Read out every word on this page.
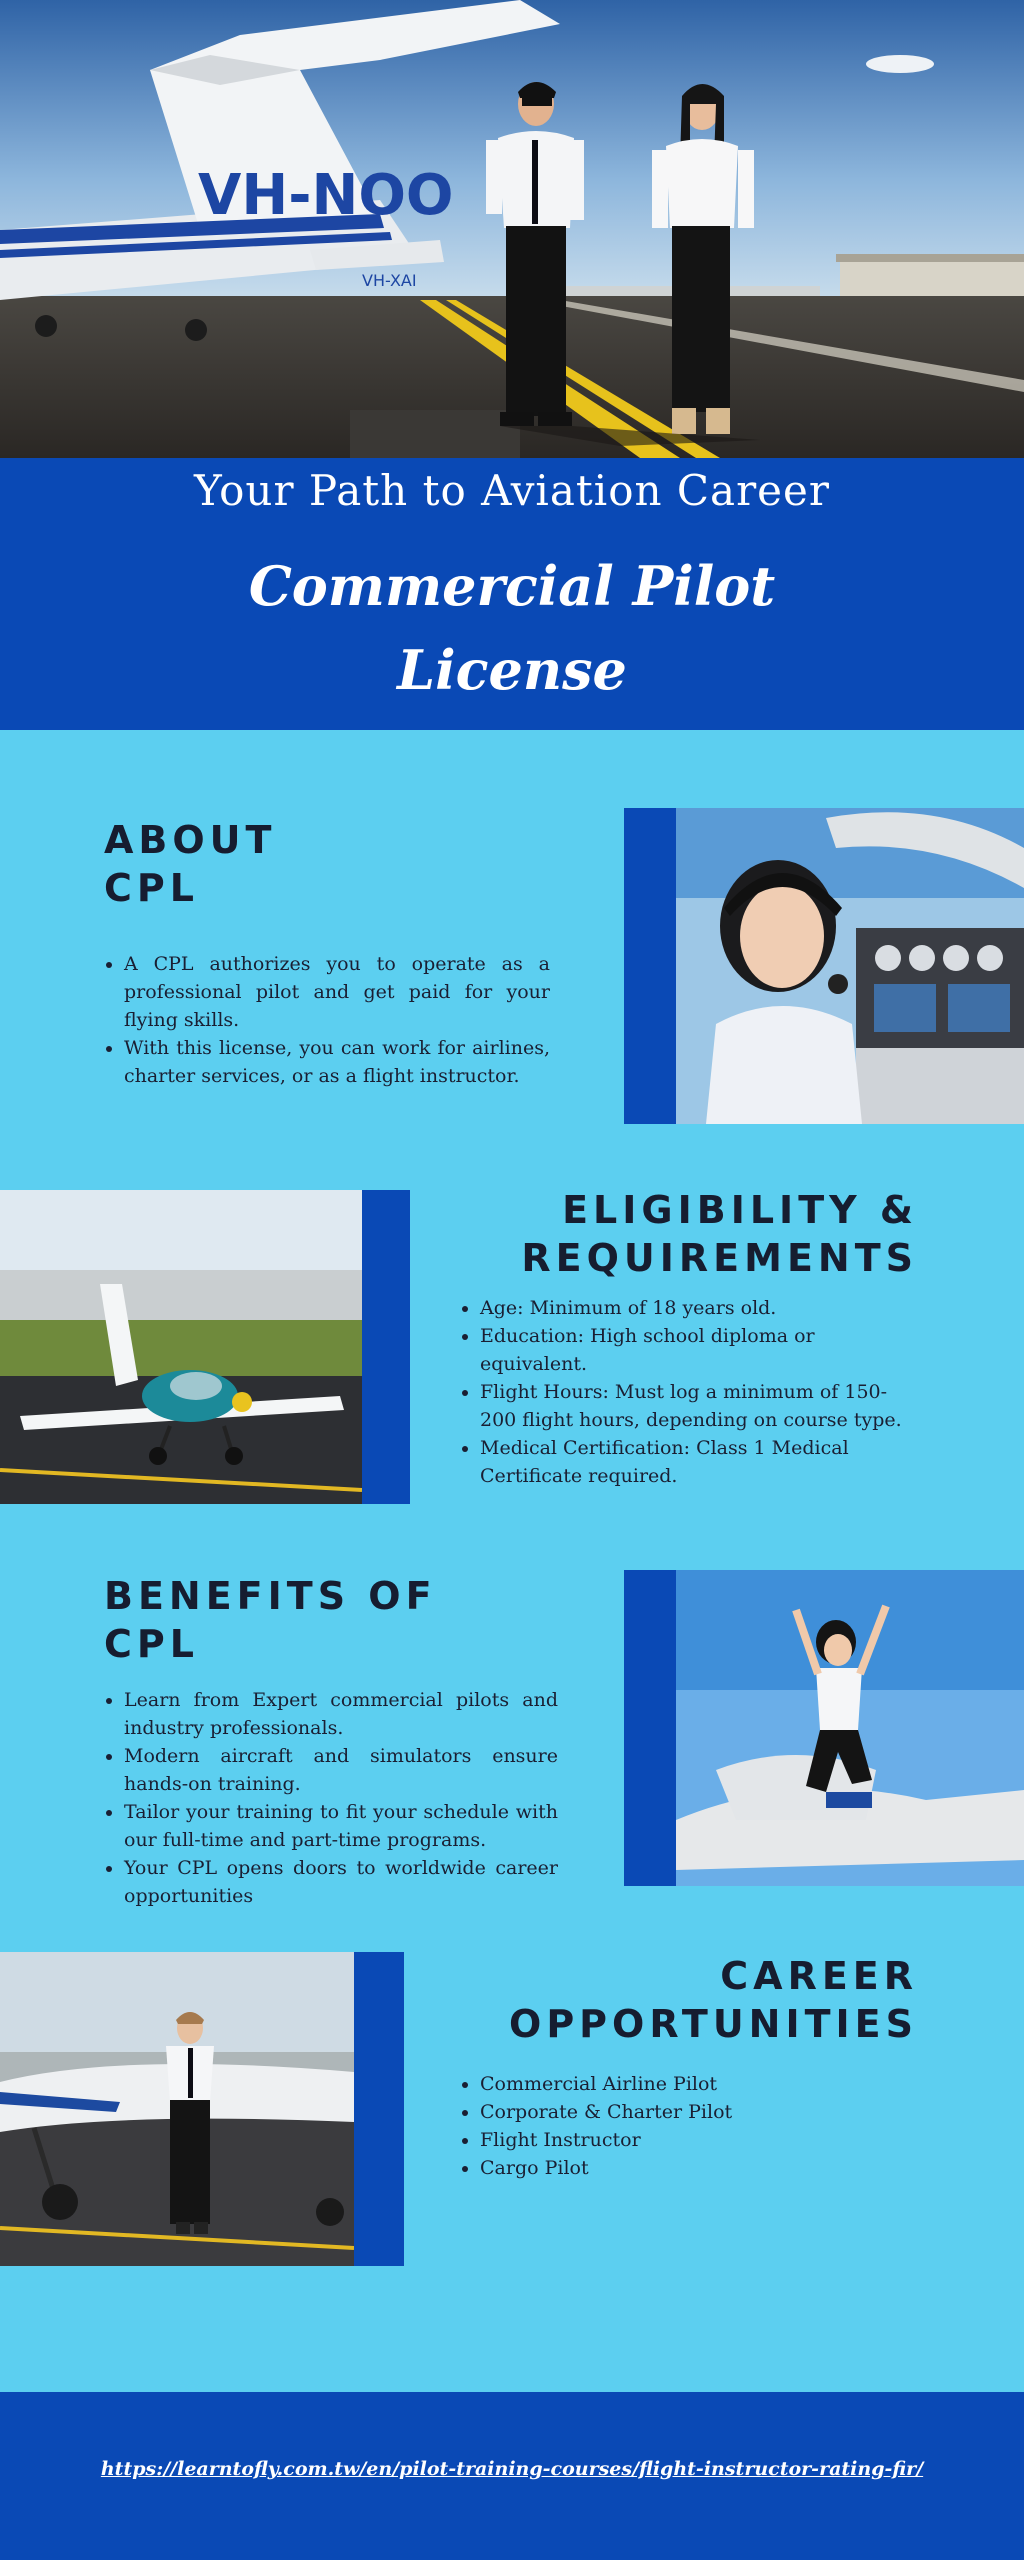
VH-NOO
VH-XAI
Your Path to Aviation Career
Commercial Pilot
License
ABOUT
CPL
• A CPL authorizes you to operate as a professional pilot and get paid for your flying skills.
• With this license, you can work for airlines, charter services, or as a flight instructor.
ELIGIBILITY &
REQUIREMENTS
• Age: Minimum of 18 years old.
• Education: High school diploma or equivalent.
• Flight Hours: Must log a minimum of 150-200 flight hours, depending on course type.
• Medical Certification: Class 1 Medical Certificate required.
BENEFITS OF
CPL
• Learn from Expert commercial pilots and industry professionals.
• Modern aircraft and simulators ensure hands-on training.
• Tailor your training to fit your schedule with our full-time and part-time programs.
• Your CPL opens doors to worldwide career opportunities
CAREER
OPPORTUNITIES
• Commercial Airline Pilot
• Corporate & Charter Pilot
• Flight Instructor
• Cargo Pilot
https://learntofly.com.tw/en/pilot-training-courses/flight-instructor-rating-fir/
